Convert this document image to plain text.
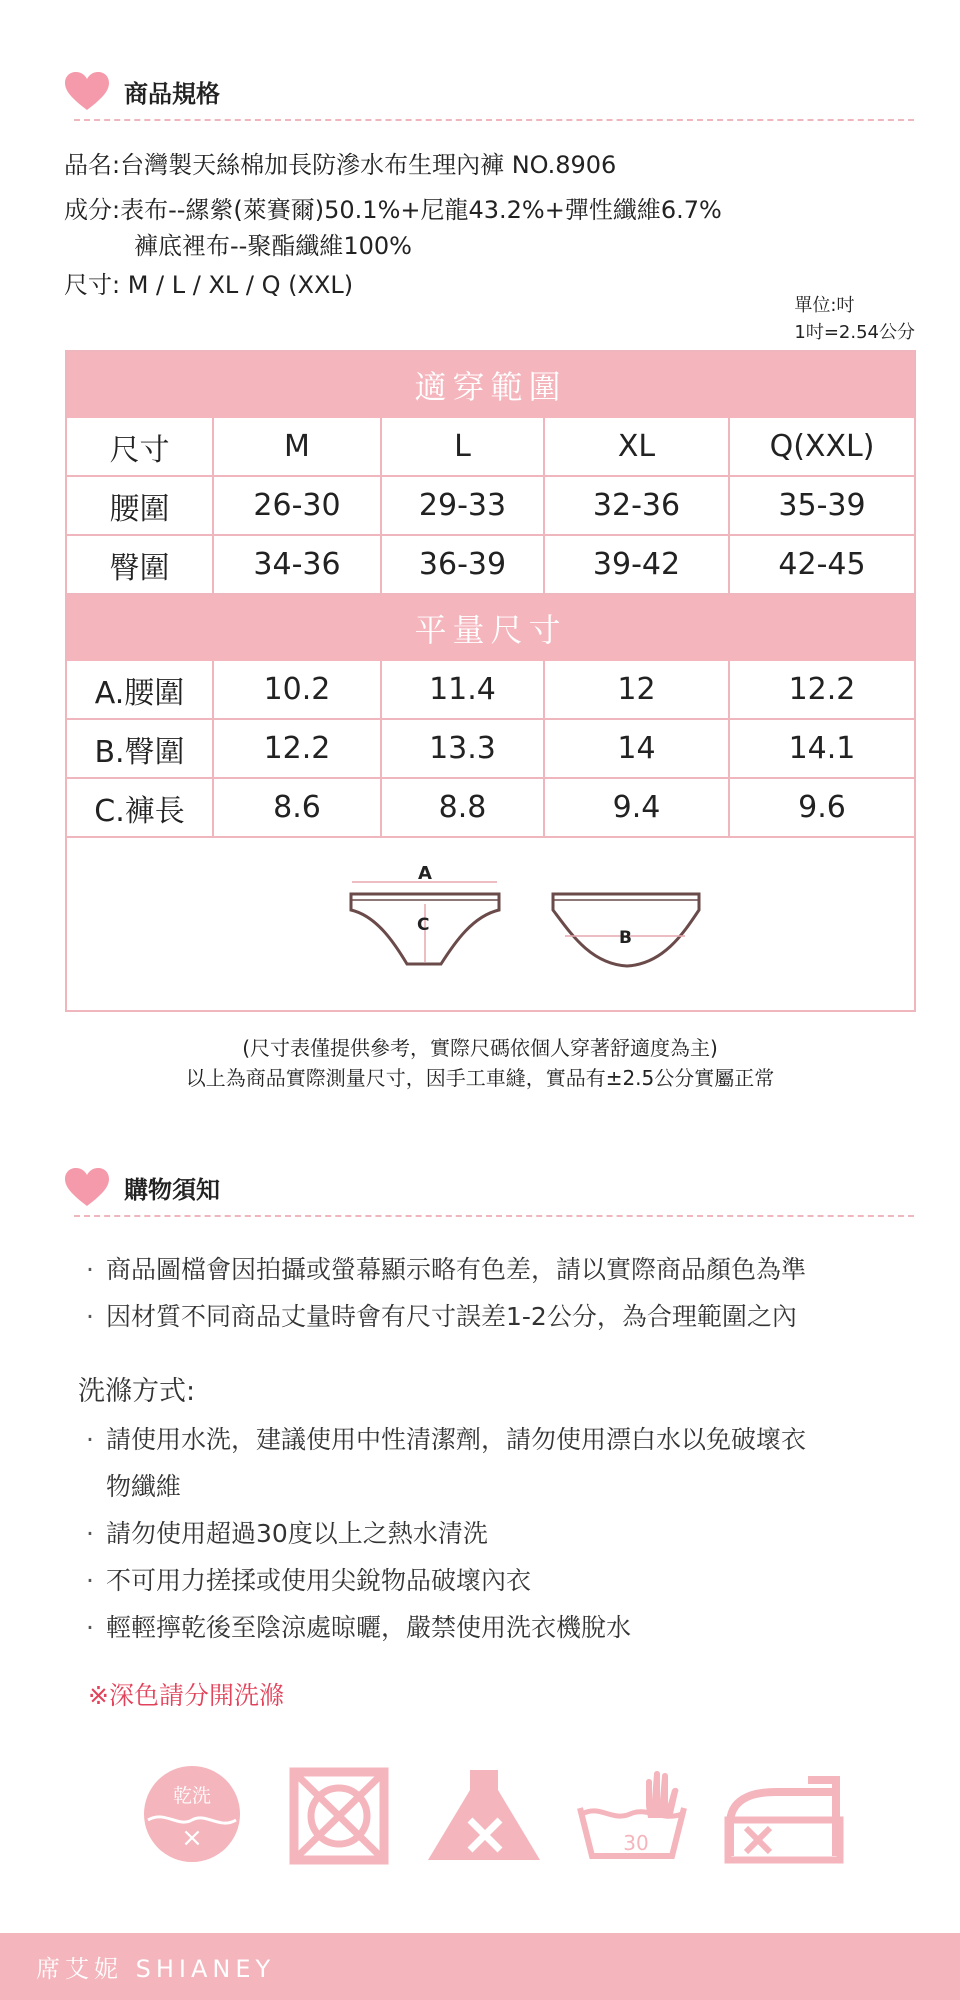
商品規格
品名:台灣製天絲棉加長防滲水布生理內褲 NO.8906
成分:表布--縲縈(萊賽爾)50.1%+尼龍43.2%+彈性纖維6.7%
褲底裡布--聚酯纖維100%
尺寸: M / L / XL / Q (XXL)
單位:吋
1吋=2.54公分
適穿範圍
尺寸	M	L	XL	Q(XXL)
腰圍	26-30	29-33	32-36	35-39
臀圍	34-36	36-39	39-42	42-45
平量尺寸
A.腰圍	10.2	11.4	12	12.2
B.臀圍	12.2	13.3	14	14.1
C.褲長	8.6	8.8	9.4	9.6
A
C
B
(尺寸表僅提供參考，實際尺碼依個人穿著舒適度為主)
以上為商品實際測量尺寸，因手工車縫，實品有±2.5公分實屬正常
購物須知
· 商品圖檔會因拍攝或螢幕顯示略有色差，請以實際商品顏色為準
· 因材質不同商品丈量時會有尺寸誤差1-2公分，為合理範圍之內
洗滌方式:
· 請使用水洗，建議使用中性清潔劑，請勿使用漂白水以免破壞衣
物纖維
· 請勿使用超過30度以上之熱水清洗
· 不可用力搓揉或使用尖銳物品破壞內衣
· 輕輕擰乾後至陰涼處晾曬，嚴禁使用洗衣機脫水
※深色請分開洗滌
乾洗
×	30
席艾妮 SHIANEY
